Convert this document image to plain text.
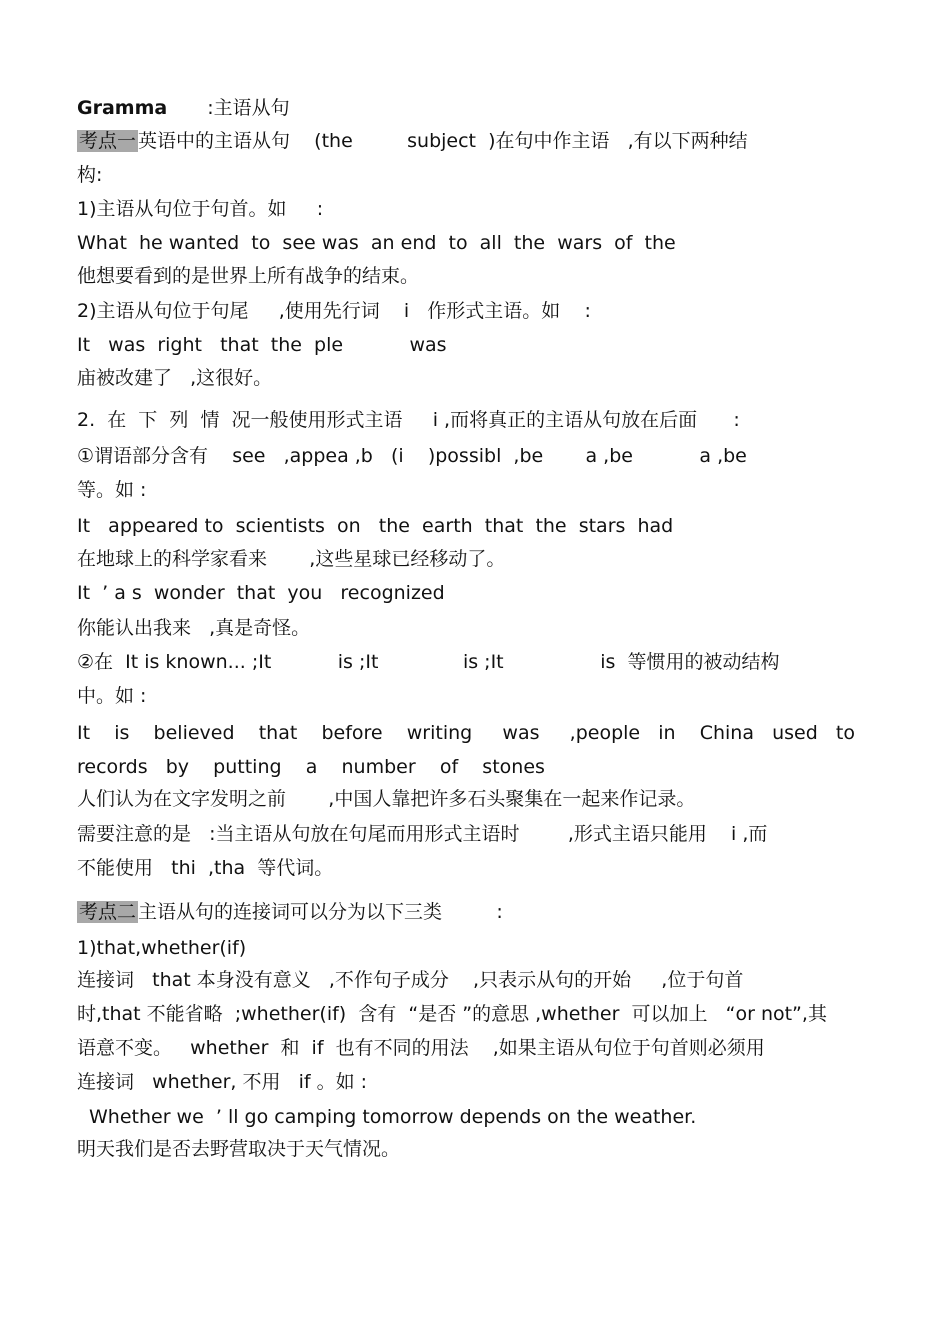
Gramma :主语从句
考点一 英语中的主语从句    (the         subject  )在句中作主语   ,有以下两种结
构:
1)主语从句位于句首。如     :
What  he wanted  to  see was  an end  to  all  the  wars  of  the
他想要看到的是世界上所有战争的结束。
2)主语从句位于句尾     ,使用先行词    i   作形式主语。如    :
It   was  right   that  the  ple           was
庙被改建了   ,这很好。
2.  在  下  列  情  况一般使用形式主语     i ,而将真正的主语从句放在后面      :
①谓语部分含有    see   ,appea ,b   (i    )possibl  ,be       a ,be           a ,be
等。如 :
It   appeared to  scientists  on   the  earth  that  the  stars  had
在地球上的科学家看来       ,这些星球已经移动了。
It  ’ a s  wonder  that  you   recognized
你能认出我来   ,真是奇怪。
②在  It is known... ;It           is ;It              is ;It                is  等惯用的被动结构
中。如 :
It    is    believed    that    before    writing     was     ,people   in    China   used   to
records   by    putting    a    number    of    stones
人们认为在文字发明之前       ,中国人靠把许多石头聚集在一起来作记录。
需要注意的是   :当主语从句放在句尾而用形式主语时        ,形式主语只能用    i ,而
不能使用   thi  ,tha  等代词。
考点二 主语从句的连接词可以分为以下三类         :
1)that,whether(if)
连接词   that 本身没有意义   ,不作句子成分    ,只表示从句的开始     ,位于句首
时,that 不能省略  ;whether(if)  含有  “是否 ”的意思 ,whether  可以加上   “or not”,其
语意不变。   whether  和  if  也有不同的用法    ,如果主语从句位于句首则必须用
连接词   whether, 不用   if 。如 :
Whether we  ’ ll go camping tomorrow depends on the weather.
明天我们是否去野营取决于天气情况。
